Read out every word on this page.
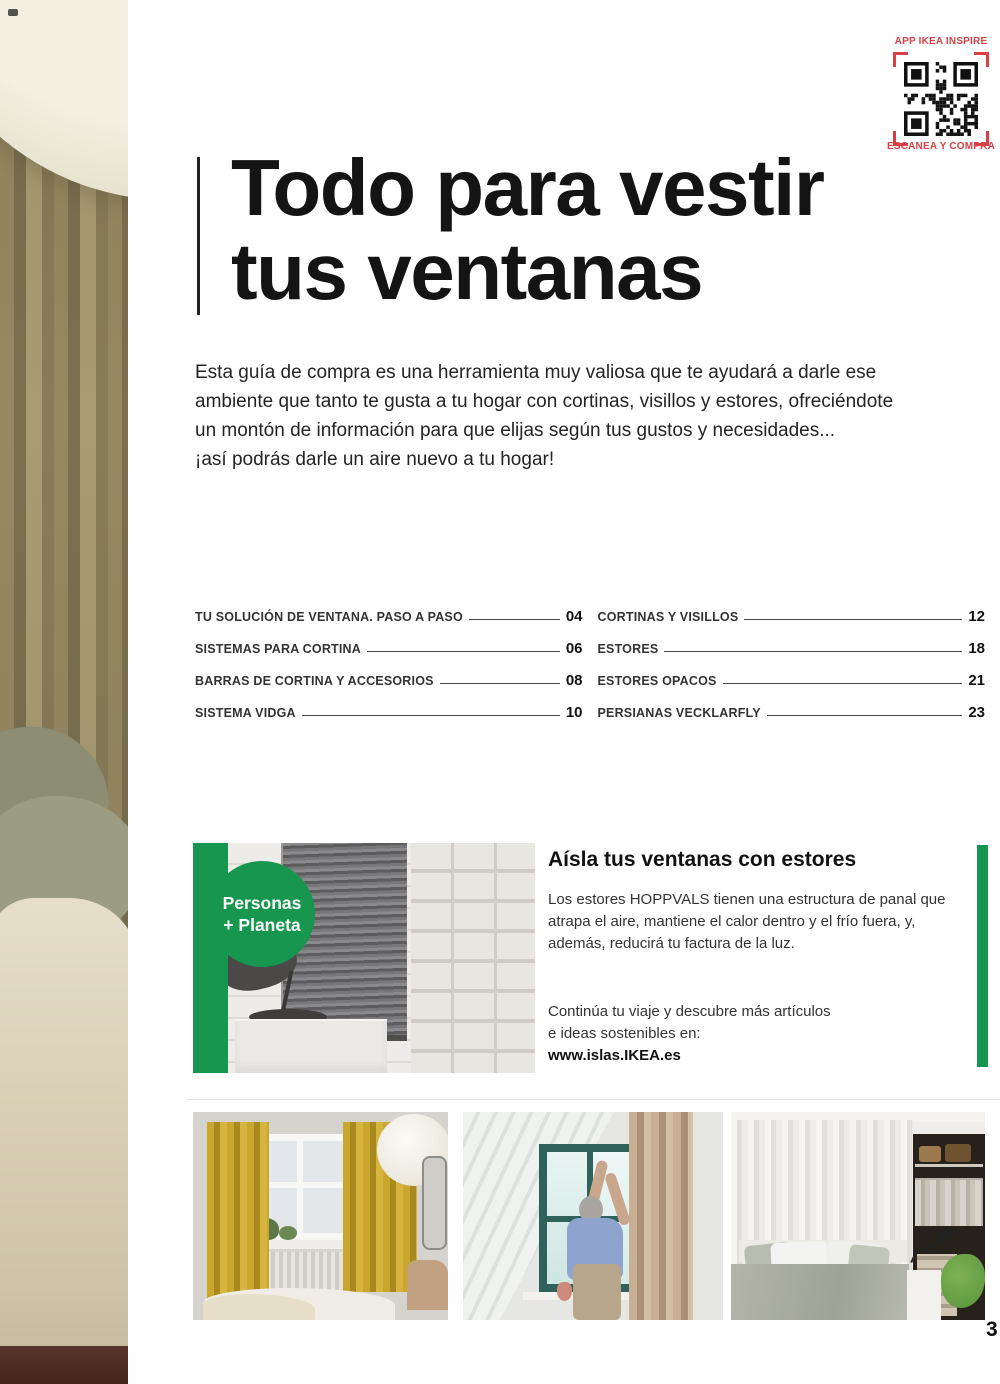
APP IKEA INSPIRE
ESCANEA Y COMPRA
Todo para vestir
tus ventanas

Esta guía de compra es una herramienta muy valiosa que te ayudará a darle ese
ambiente que tanto te gusta a tu hogar con cortinas, visillos y estores, ofreciéndote
un montón de información para que elijas según tus gustos y necesidades...
¡así podrás darle un aire nuevo a tu hogar!

TU SOLUCIÓN DE VENTANA. PASO A PASO	04
SISTEMAS PARA CORTINA	06
BARRAS DE CORTINA Y ACCESORIOS	08
SISTEMA VIDGA	10
CORTINAS Y VISILLOS	12
ESTORES	18
ESTORES OPACOS	21
PERSIANAS VECKLARFLY	23
Personas
+ Planeta
Aísla tus ventanas con estores
Los estores HOPPVALS tienen una estructura de panal que
atrapa el aire, mantiene el calor dentro y el frío fuera, y,
además, reducirá tu factura de la luz.
Continúa tu viaje y descubre más artículos
e ideas sostenibles en:
www.islas.IKEA.es
3
